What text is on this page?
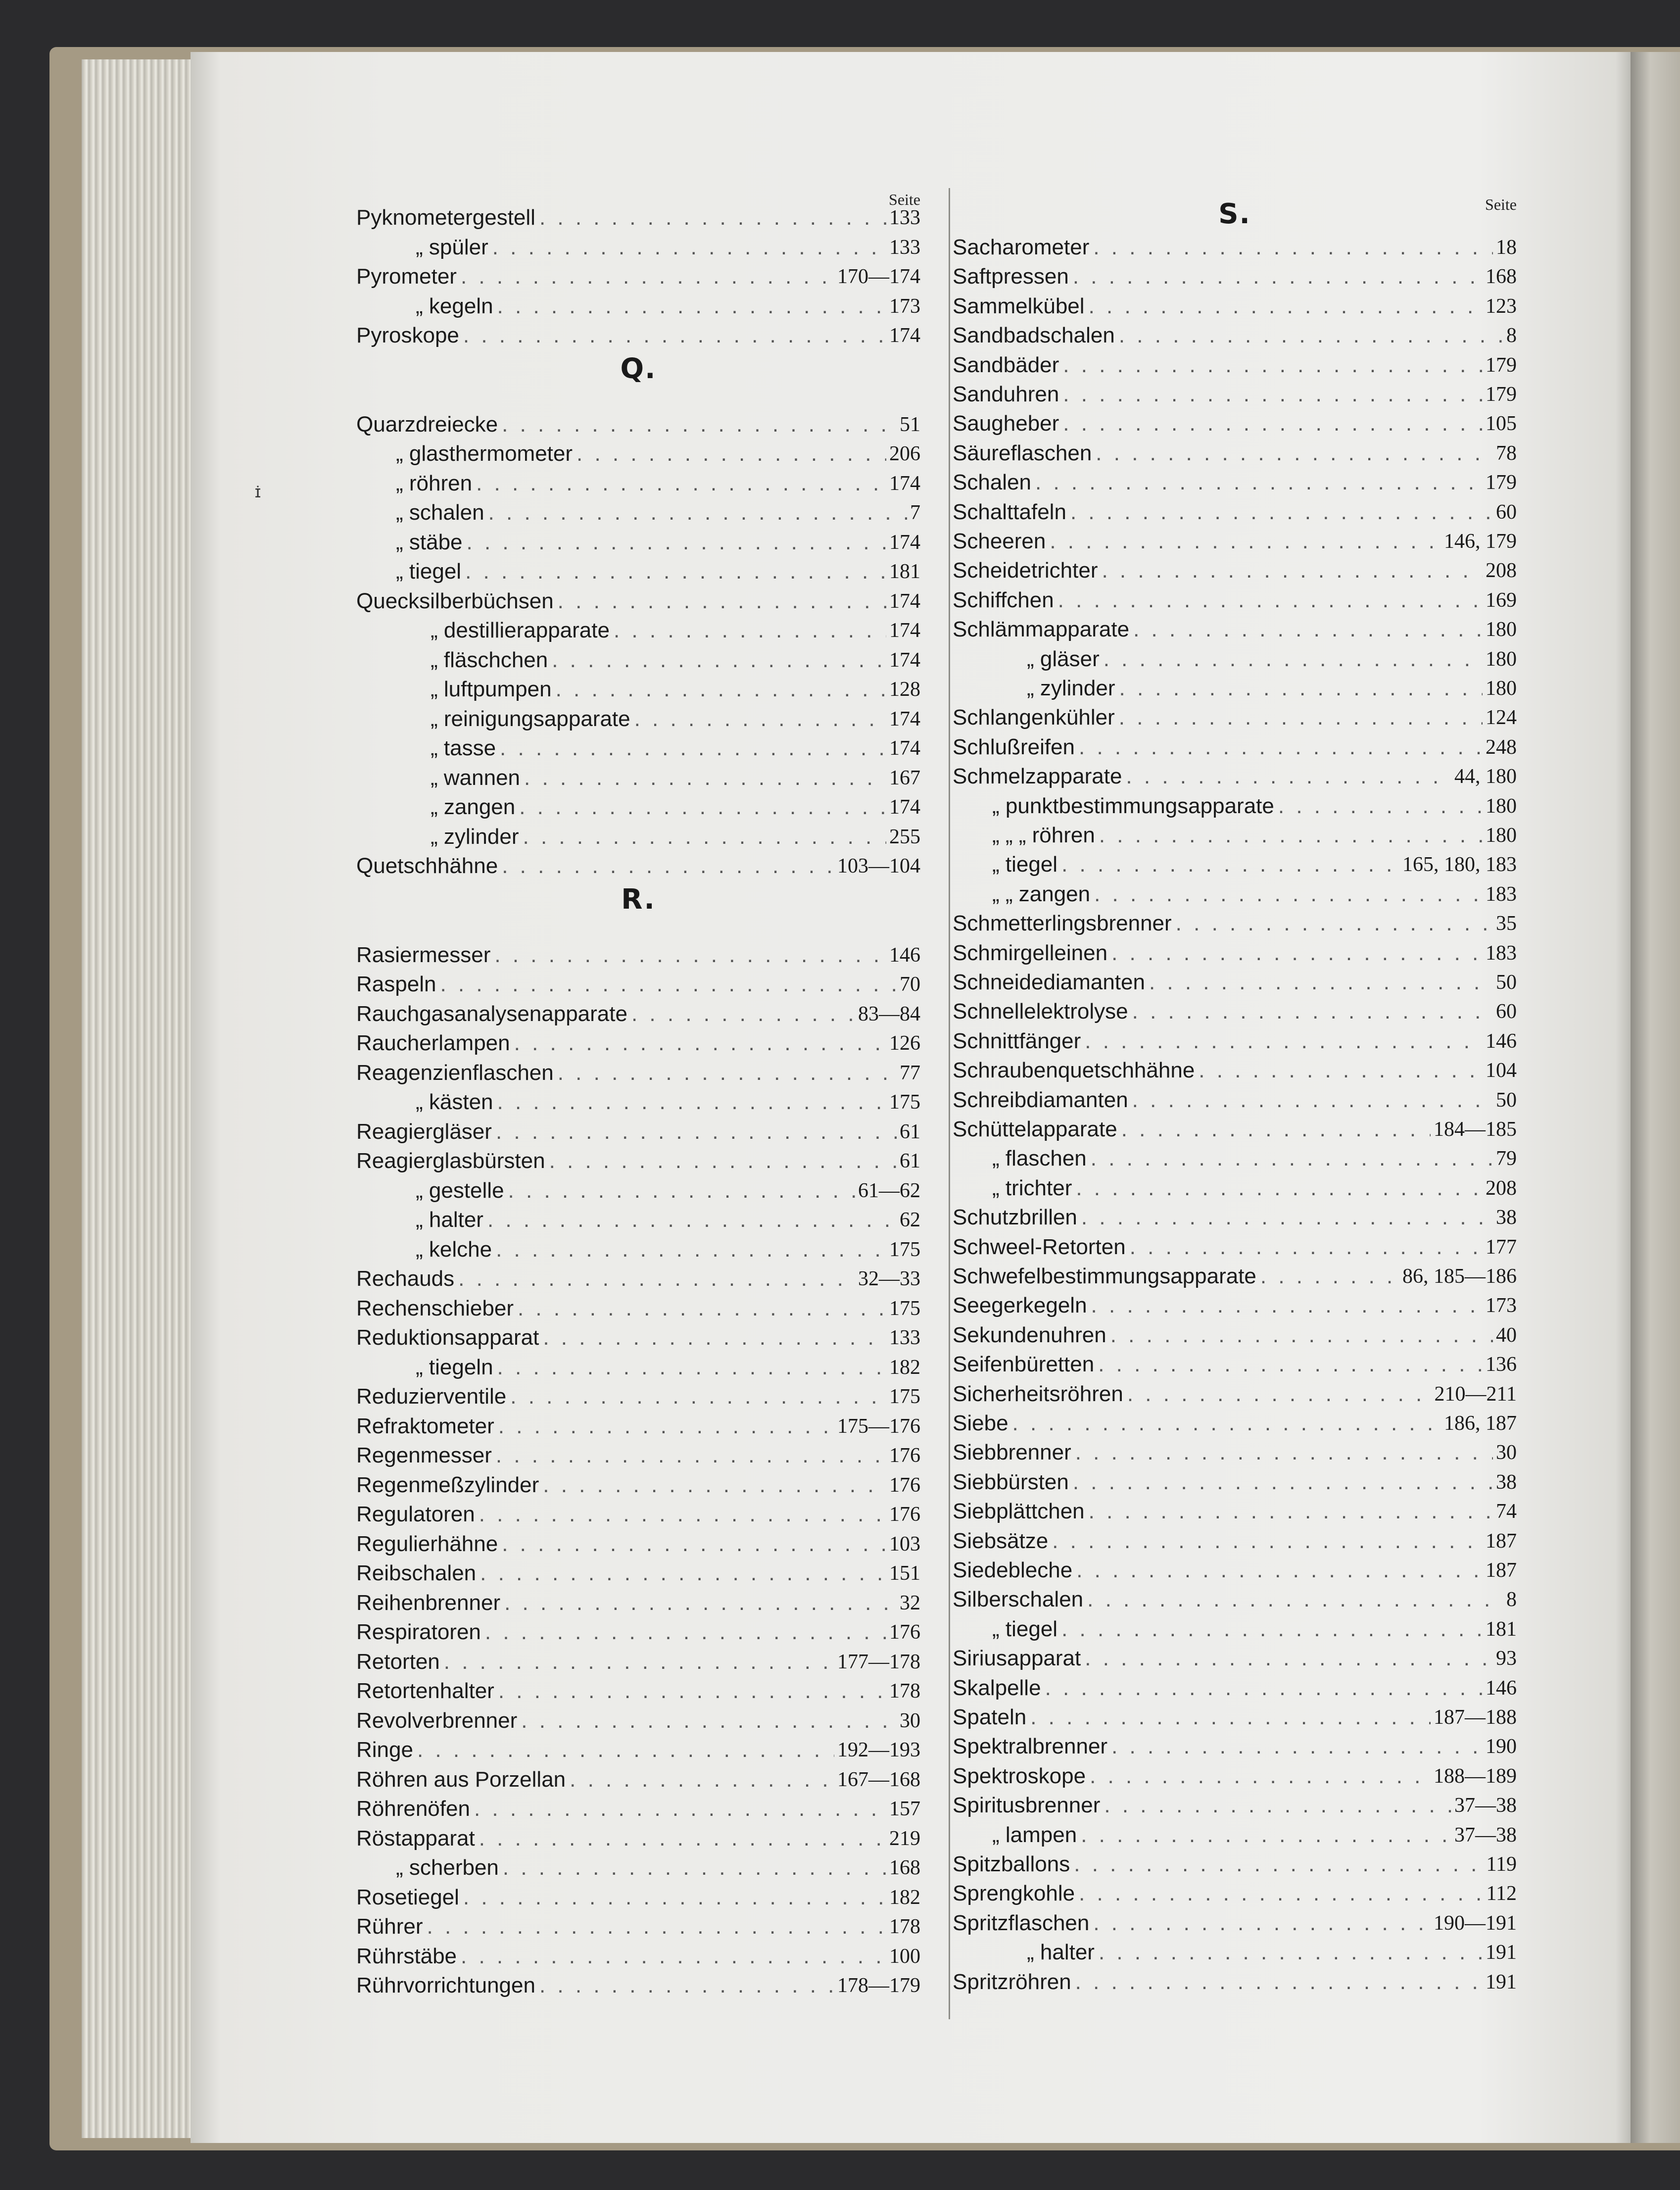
ɪ̇
Seite
Pyknometergestell . . .	133
„ spüler . . .	133
Pyrometer . . .	170—174
„ kegeln . . .	173
Pyroskope . . .	174
Q.
Quarzdreiecke . . .	51
„ glasthermometer . . .	206
„ röhren . . .	174
„ schalen . . .	7
„ stäbe . . .	174
„ tiegel . . .	181
Quecksilberbüchsen . . .	174
„ destillierapparate . . .	174
„ fläschchen . . .	174
„ luftpumpen . . .	128
„ reinigungsapparate . . .	174
„ tasse . . .	174
„ wannen . . .	167
„ zangen . . .	174
„ zylinder . . .	255
Quetschhähne . . .	103—104
R.
Rasiermesser . . .	146
Raspeln . . .	70
Rauchgasanalysenapparate . . .	83—84
Raucherlampen . . .	126
Reagenzienflaschen . . .	77
„ kästen . . .	175
Reagiergläser . . .	61
Reagierglasbürsten . . .	61
„ gestelle . . .	61—62
„ halter . . .	62
„ kelche . . .	175
Rechauds . . .	32—33
Rechenschieber . . .	175
Reduktionsapparat . . .	133
„ tiegeln . . .	182
Reduzierventile . . .	175
Refraktometer . . .	175—176
Regenmesser . . .	176
Regenmeßzylinder . . .	176
Regulatoren . . .	176
Regulierhähne . . .	103
Reibschalen . . .	151
Reihenbrenner . . .	32
Respiratoren . . .	176
Retorten . . .	177—178
Retortenhalter . . .	178
Revolverbrenner . . .	30
Ringe . . .	192—193
Röhren aus Porzellan . . .	167—168
Röhrenöfen . . .	157
Röstapparat . . .	219
„ scherben . . .	168
Rosetiegel . . .	182
Rührer . . .	178
Rührstäbe . . .	100
Rührvorrichtungen . . .	178—179
Seite
S.
Sacharometer . . .	18
Saftpressen . . .	168
Sammelkübel . . .	123
Sandbadschalen . . .	8
Sandbäder . . .	179
Sanduhren . . .	179
Saugheber . . .	105
Säureflaschen . . .	78
Schalen . . .	179
Schalttafeln . . .	60
Scheeren . . .	146, 179
Scheidetrichter . . .	208
Schiffchen . . .	169
Schlämmapparate . . .	180
„ gläser . . .	180
„ zylinder . . .	180
Schlangenkühler . . .	124
Schlußreifen . . .	248
Schmelzapparate . . .	44, 180
„ punktbestimmungsapparate . . .	180
„ „ „ röhren . . .	180
„ tiegel . . .	165, 180, 183
„ „ zangen . . .	183
Schmetterlingsbrenner . . .	35
Schmirgelleinen . . .	183
Schneidediamanten . . .	50
Schnellelektrolyse . . .	60
Schnittfänger . . .	146
Schraubenquetschhähne . . .	104
Schreibdiamanten . . .	50
Schüttelapparate . . .	184—185
„ flaschen . . .	79
„ trichter . . .	208
Schutzbrillen . . .	38
Schweel-Retorten . . .	177
Schwefelbestimmungsapparate . . .	86, 185—186
Seegerkegeln . . .	173
Sekundenuhren . . .	40
Seifenbüretten . . .	136
Sicherheitsröhren . . .	210—211
Siebe . . .	186, 187
Siebbrenner . . .	30
Siebbürsten . . .	38
Siebplättchen . . .	74
Siebsätze . . .	187
Siedebleche . . .	187
Silberschalen . . .	8
„ tiegel . . .	181
Siriusapparat . . .	93
Skalpelle . . .	146
Spateln . . .	187—188
Spektralbrenner . . .	190
Spektroskope . . .	188—189
Spiritusbrenner . . .	37—38
„ lampen . . .	37—38
Spitzballons . . .	119
Sprengkohle . . .	112
Spritzflaschen . . .	190—191
„ halter . . .	191
Spritzröhren . . .	191
